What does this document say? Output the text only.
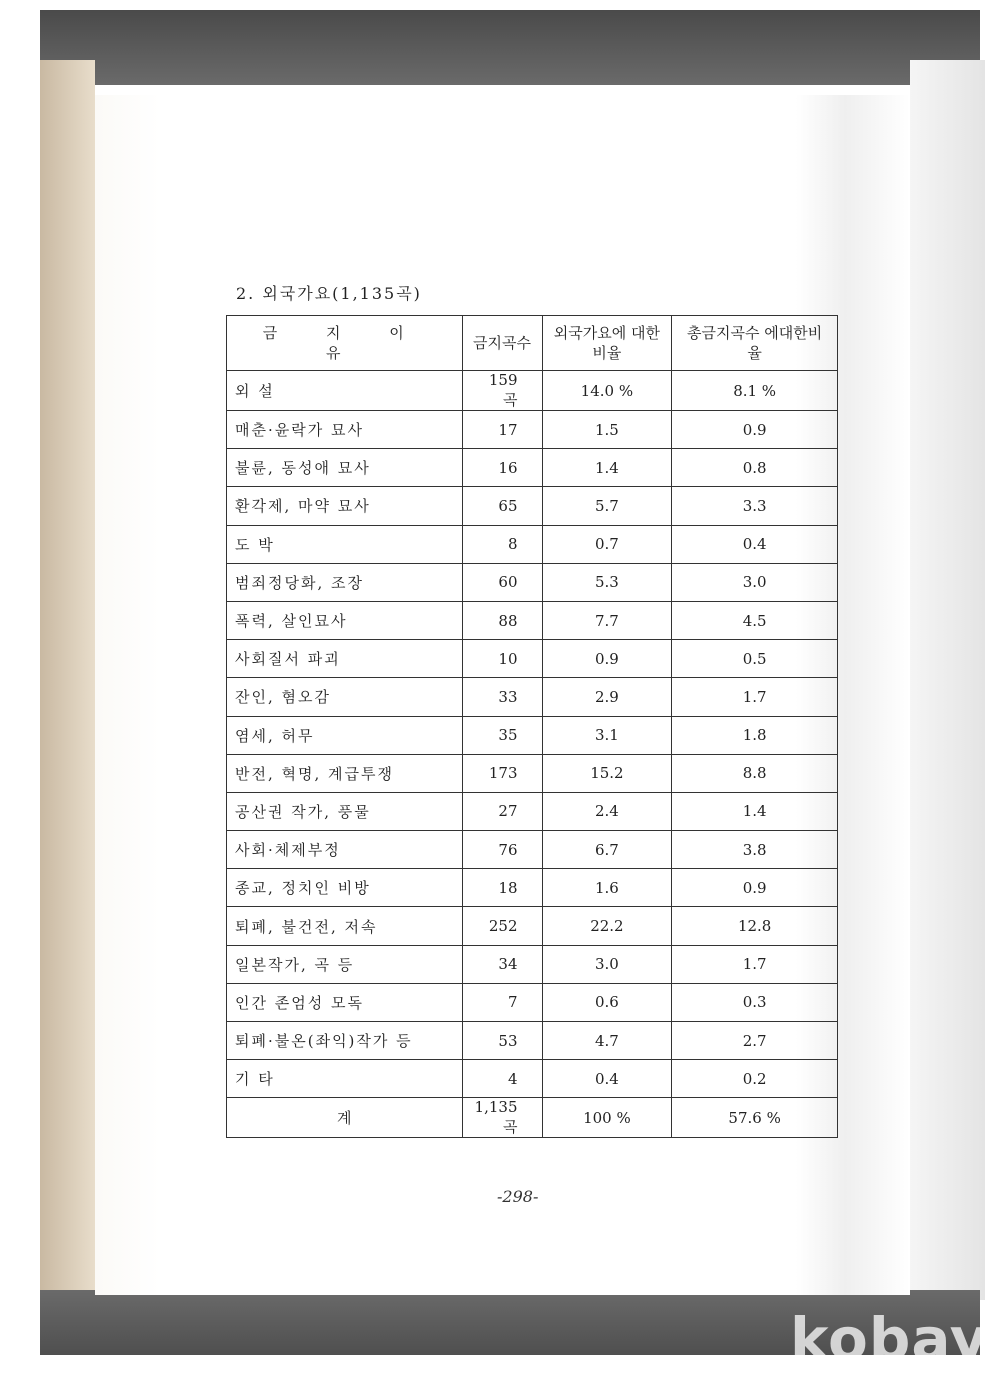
2. 외국가요(1,135곡)
금 지 이 유	금지곡수	외국가요에 대한 비율	총금지곡수 에대한비율
외 설	159 곡	14.0 %	8.1 %
매춘·윤락가 묘사	17	1.5	0.9
불륜, 동성애 묘사	16	1.4	0.8
환각제, 마약 묘사	65	5.7	3.3
도 박	8	0.7	0.4
범죄정당화, 조장	60	5.3	3.0
폭력, 살인묘사	88	7.7	4.5
사회질서 파괴	10	0.9	0.5
잔인, 혐오감	33	2.9	1.7
염세, 허무	35	3.1	1.8
반전, 혁명, 계급투쟁	173	15.2	8.8
공산권 작가, 풍물	27	2.4	1.4
사회·체제부정	76	6.7	3.8
종교, 정치인 비방	18	1.6	0.9
퇴폐, 불건전, 저속	252	22.2	12.8
일본작가, 곡 등	34	3.0	1.7
인간 존엄성 모독	7	0.6	0.3
퇴폐·불온(좌익)작가 등	53	4.7	2.7
기 타	4	0.4	0.2
계	1,135 곡	100 %	57.6 %
-298-
kobay
